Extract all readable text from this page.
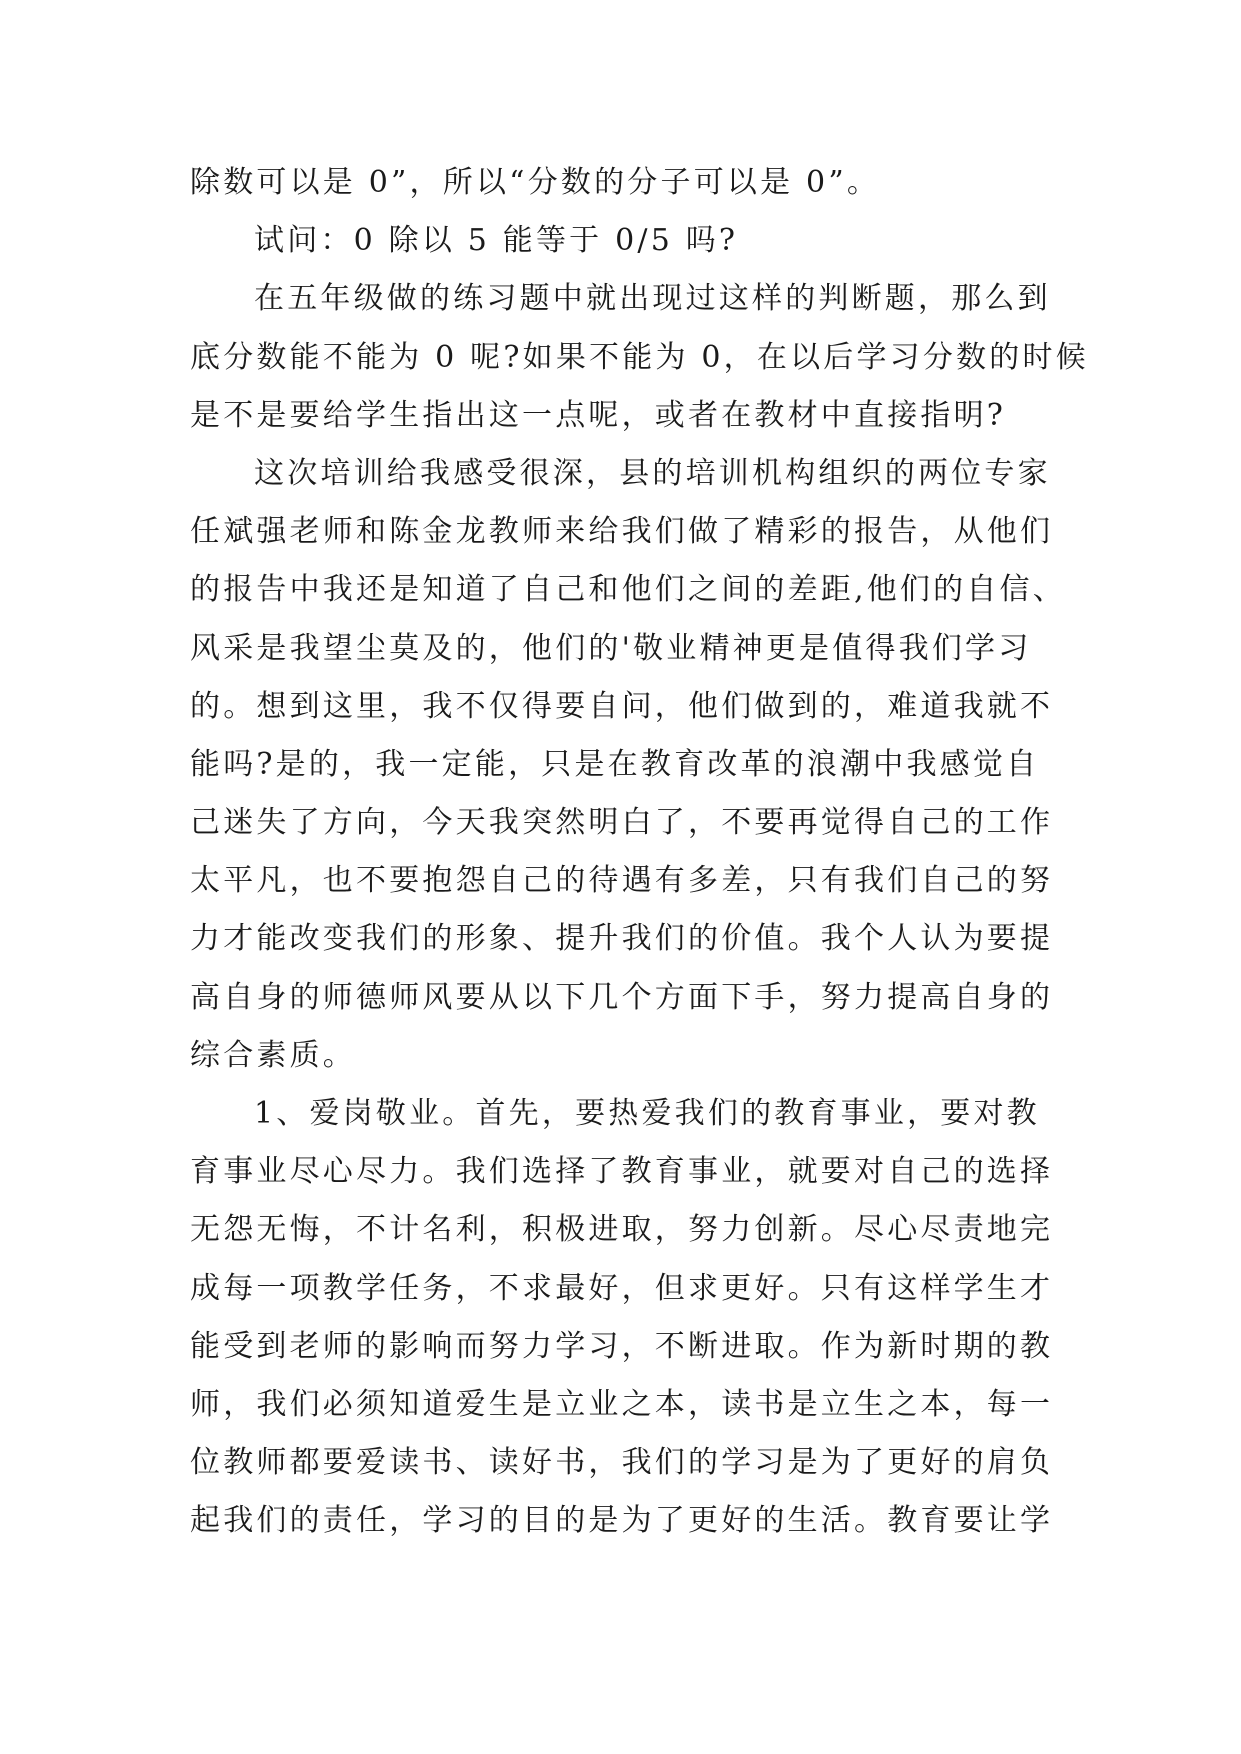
除数可以是 0”，所以“分数的分子可以是 0”。
试问：0 除以 5 能等于 0/5 吗?
在五年级做的练习题中就出现过这样的判断题，那么到
底分数能不能为 0 呢?如果不能为 0，在以后学习分数的时候
是不是要给学生指出这一点呢，或者在教材中直接指明?
这次培训给我感受很深，县的培训机构组织的两位专家
任斌强老师和陈金龙教师来给我们做了精彩的报告，从他们
的报告中我还是知道了自己和他们之间的差距,他们的自信、
风采是我望尘莫及的，他们的'敬业精神更是值得我们学习
的。想到这里，我不仅得要自问，他们做到的，难道我就不
能吗?是的，我一定能，只是在教育改革的浪潮中我感觉自
己迷失了方向，今天我突然明白了，不要再觉得自己的工作
太平凡，也不要抱怨自己的待遇有多差，只有我们自己的努
力才能改变我们的形象、提升我们的价值。我个人认为要提
高自身的师德师风要从以下几个方面下手，努力提高自身的
综合素质。
1、爱岗敬业。首先，要热爱我们的教育事业，要对教
育事业尽心尽力。我们选择了教育事业，就要对自己的选择
无怨无悔，不计名利，积极进取，努力创新。尽心尽责地完
成每一项教学任务，不求最好，但求更好。只有这样学生才
能受到老师的影响而努力学习，不断进取。作为新时期的教
师，我们必须知道爱生是立业之本，读书是立生之本，每一
位教师都要爱读书、读好书，我们的学习是为了更好的肩负
起我们的责任，学习的目的是为了更好的生活。教育要让学
